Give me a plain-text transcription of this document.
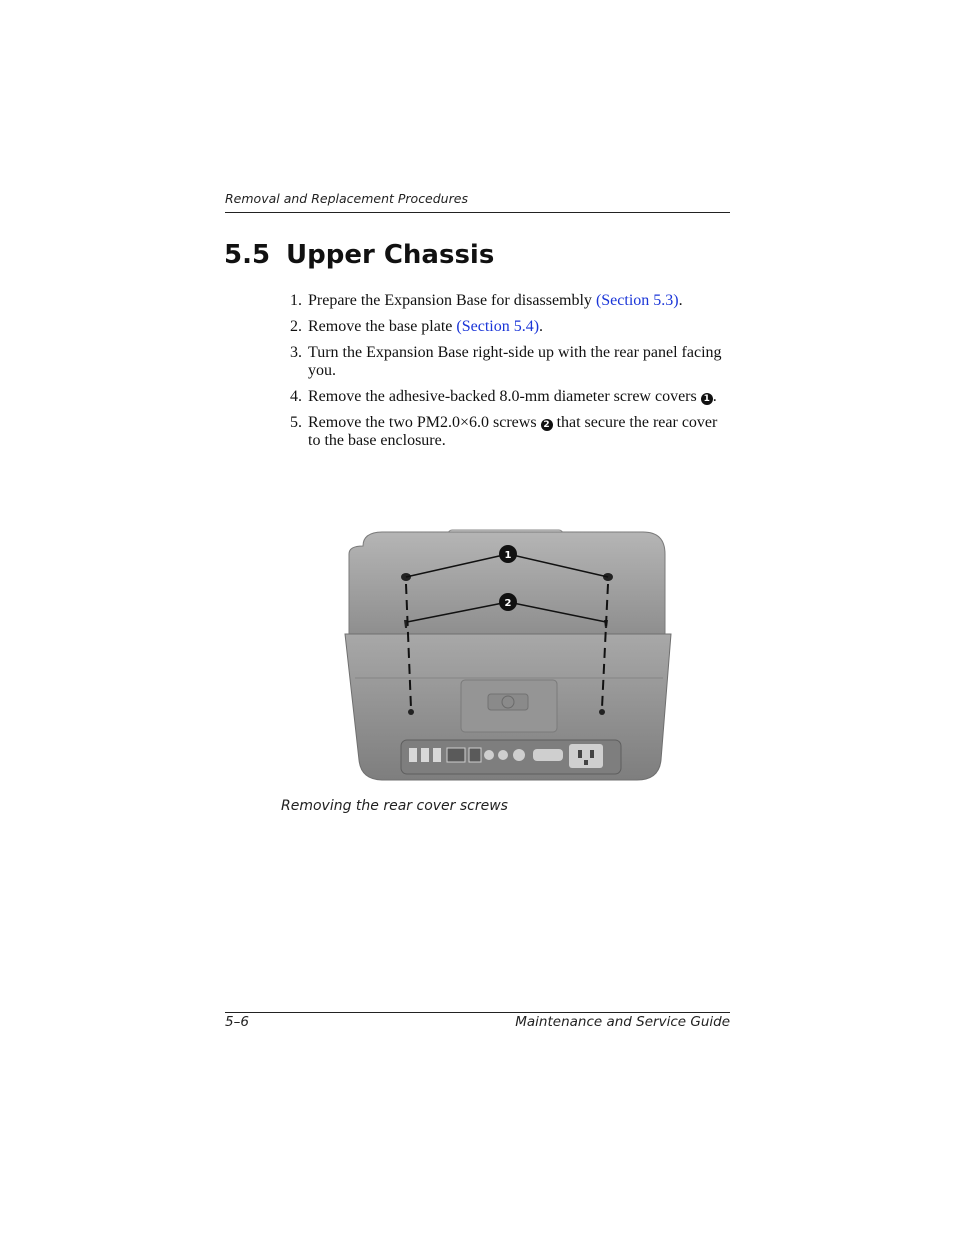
Removal and Replacement Procedures
5.5 Upper Chassis
1. Prepare the Expansion Base for disassembly (Section 5.3).
2. Remove the base plate (Section 5.4).
3. Turn the Expansion Base right-side up with the rear panel facing you.
4. Remove the adhesive-backed 8.0-mm diameter screw covers 1 .
5. Remove the two PM2.0×6.0 screws 2 that secure the rear cover to the base enclosure.
1
2
Removing the rear cover screws
5–6	Maintenance and Service Guide
